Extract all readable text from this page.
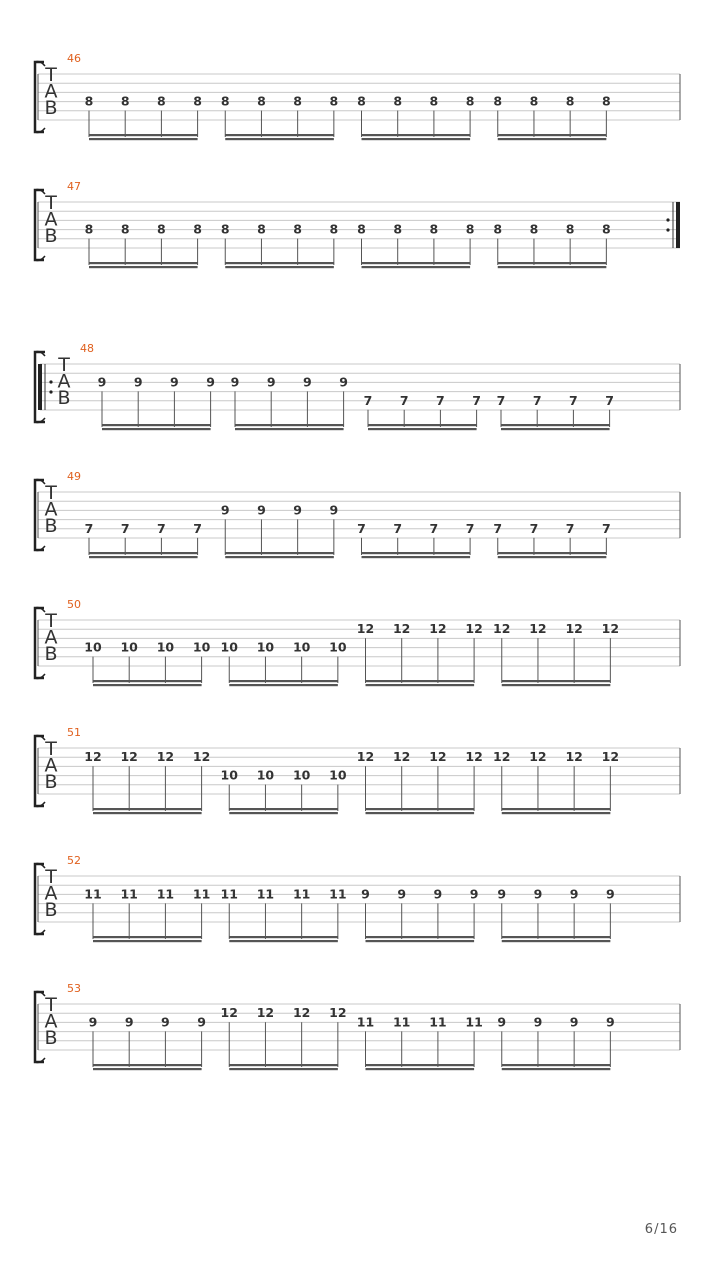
46
T
A
B 8 8 8 8 8 8 8 8 8 8 8 8 8 8 8 8
47
T
A
B 8 8 8 8 8 8 8 8 8 8 8 8 8 8 8 8
48
T
A
B
9 9 9 9 9 9 9 9
7 7 7 7 7 7 7 7
49
T
A
B 7 7 7 7
9 9 9 9
7 7 7 7 7 7 7 7
50
T
A
B 10 10 10 10 10 10 10 10
12 12 12 12 12 12 12 12
51
T
A
B
12 12 12 12
10 10 10 10
12 12 12 12 12 12 12 12
52
T
A
B
11 11 11 11 11 11 11 11 9 9 9 9 9 9 9 9
53
T
A
B
9 9 9 9
12 12 12 12
11 11 11 11 9 9 9 9
6/16
